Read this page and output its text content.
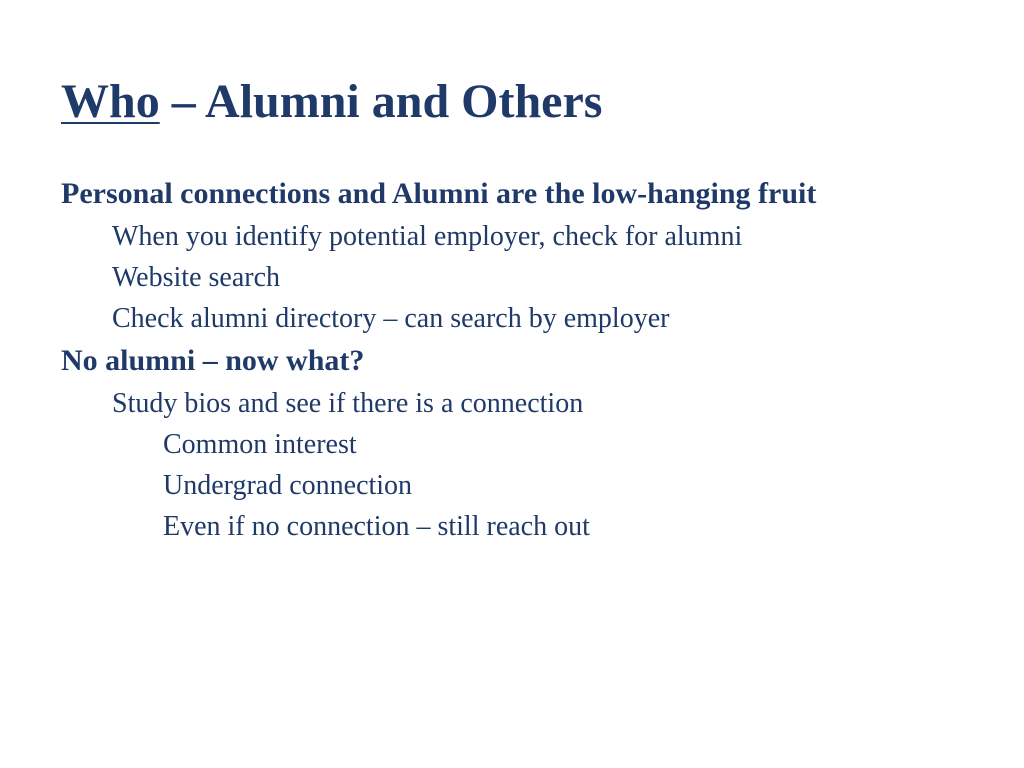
Who – Alumni and Others

Personal connections and Alumni are the low-hanging fruit

When you identify potential employer, check for alumni

Website search

Check alumni directory – can search by employer

No alumni – now what?

Study bios and see if there is a connection

Common interest

Undergrad connection

Even if no connection – still reach out
